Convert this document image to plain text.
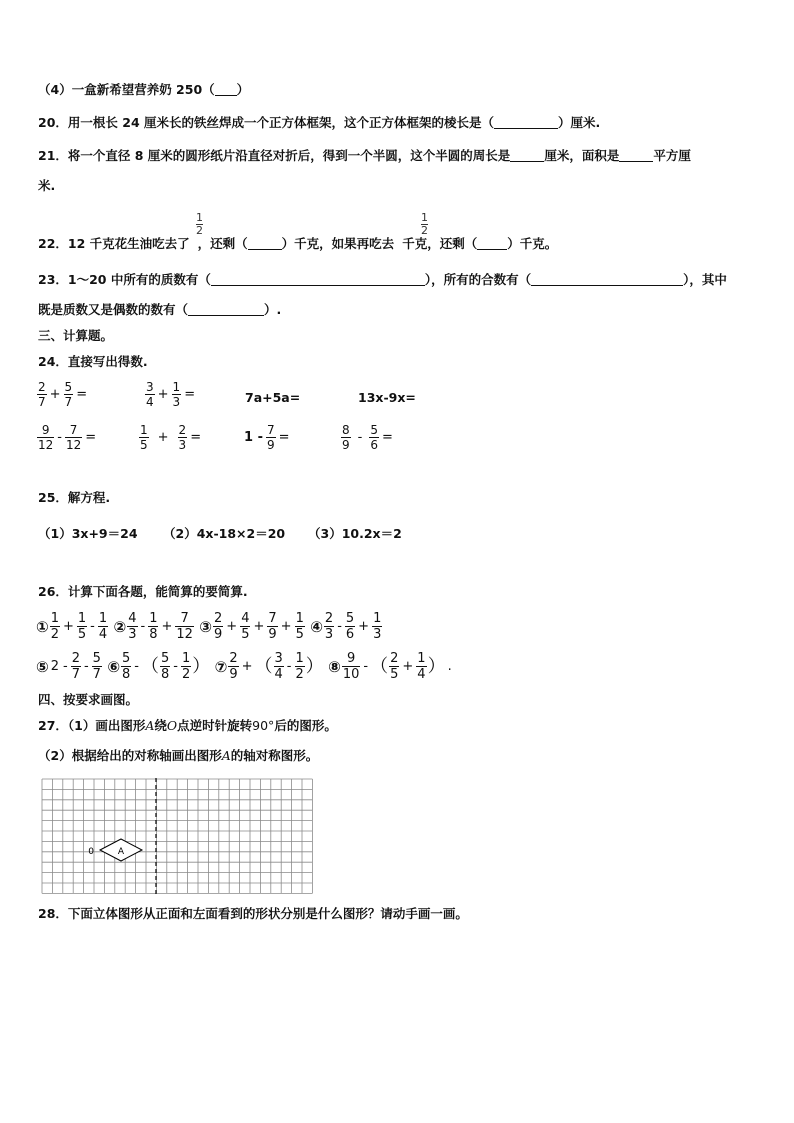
（4）一盒新希望营养奶 250（ ）
20．用一根长 24 厘米长的铁丝焊成一个正方体框架，这个正方体框架的棱长是（	）厘米.
21．将一个直径 8 厘米的圆形纸片沿直径对折后，得到一个半圆，这个半圆的周长是	厘米，面积是	平方厘
米.
$\frac{1}{2}$	$\frac{1}{2}$
22．12 千克花生油吃去了 ，还剩（	）千克，如果再吃去 千克，还剩（ ）千克。
23．1～20 中所有的质数有（	），所有的合数有（	），其中
既是质数又是偶数的数有（	）.
三、计算题。
24．直接写出得数.
$\frac{2}{7} + \frac{5}{7}$ =	$\frac{3}{4} + \frac{1}{3}$ =	7a+5a=	13x-9x=
$\frac{9}{12} - \frac{7}{12}$ =	$\frac{1}{5} + \frac{2}{3}$ =	$1 - \frac{7}{9}$ =	$\frac{8}{9} - \frac{5}{6}$ =
25．解方程.
（1）3x+9＝24 （2）4x-18×2＝20 （3）10.2x＝2
26．计算下面各题，能简算的要简算.
① $\frac{1}{2} + \frac{1}{5} - \frac{1}{4}$ ② $\frac{4}{3} - \frac{1}{8} + \frac{7}{12}$ ③ $\frac{2}{9} + \frac{4}{5} + \frac{7}{9} + \frac{1}{5}$ ④ $\frac{2}{3} - \frac{5}{6} + \frac{1}{3}$
⑤ $2 - \frac{2}{7} - \frac{5}{7}$ ⑥ $\frac{5}{8}$ - （ $\frac{5}{8} - \frac{1}{2}$ ） ⑦ $\frac{2}{9}$ + （ $\frac{3}{4} - \frac{1}{2}$ ） ⑧ $\frac{9}{10}$ - （ $\frac{2}{5} + \frac{1}{4}$ ） .
四、按要求画图。
27．（1）画出图形A绕O点逆时针旋转90°后的图形。
（2）根据给出的对称轴画出图形A的轴对称图形。
A
0
28．下面立体图形从正面和左面看到的形状分别是什么图形？请动手画一画。
